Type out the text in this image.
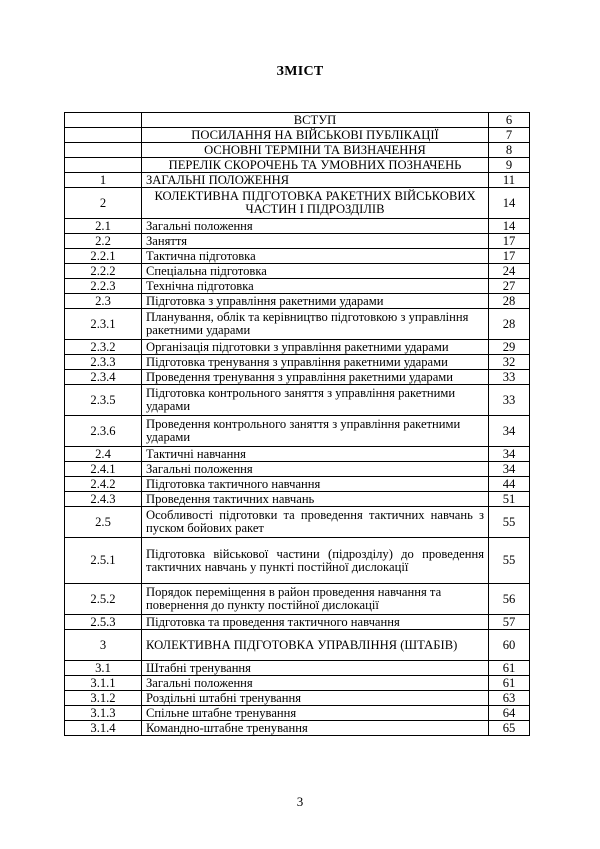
ЗМІСТ
	ВСТУП	6
	ПОСИЛАННЯ НА ВІЙСЬКОВІ ПУБЛІКАЦІЇ	7
	ОСНОВНІ ТЕРМІНИ ТА ВИЗНАЧЕННЯ	8
	ПЕРЕЛІК СКОРОЧЕНЬ ТА УМОВНИХ ПОЗНАЧЕНЬ	9
1	ЗАГАЛЬНІ ПОЛОЖЕННЯ	11
2	КОЛЕКТИВНА ПІДГОТОВКА РАКЕТНИХ ВІЙСЬКОВИХ ЧАСТИН І ПІДРОЗДІЛІВ	14
2.1	Загальні положення	14
2.2	Заняття	17
2.2.1	Тактична підготовка	17
2.2.2	Спеціальна підготовка	24
2.2.3	Технічна підготовка	27
2.3	Підготовка з управління ракетними ударами	28
2.3.1	Планування, облік та керівництво підготовкою з управління ракетними ударами	28
2.3.2	Організація підготовки з управління ракетними ударами	29
2.3.3	Підготовка тренування з управління ракетними ударами	32
2.3.4	Проведення тренування з управління ракетними ударами	33
2.3.5	Підготовка контрольного заняття з управління ракетними ударами	33
2.3.6	Проведення контрольного заняття з управління ракетними ударами	34
2.4	Тактичні навчання	34
2.4.1	Загальні положення	34
2.4.2	Підготовка тактичного навчання	44
2.4.3	Проведення тактичних навчань	51
2.5	Особливості підготовки та проведення тактичних навчань з пуском бойових ракет	55
2.5.1	Підготовка військової частини (підрозділу) до проведення тактичних навчань у пункті постійної дислокації	55
2.5.2	Порядок переміщення в район проведення навчання та повернення до пункту постійної дислокації	56
2.5.3	Підготовка та проведення тактичного навчання	57
3	КОЛЕКТИВНА ПІДГОТОВКА УПРАВЛІННЯ (ШТАБІВ)	60
3.1	Штабні тренування	61
3.1.1	Загальні положення	61
3.1.2	Роздільні штабні тренування	63
3.1.3	Спільне штабне тренування	64
3.1.4	Командно-штабне тренування	65
3
